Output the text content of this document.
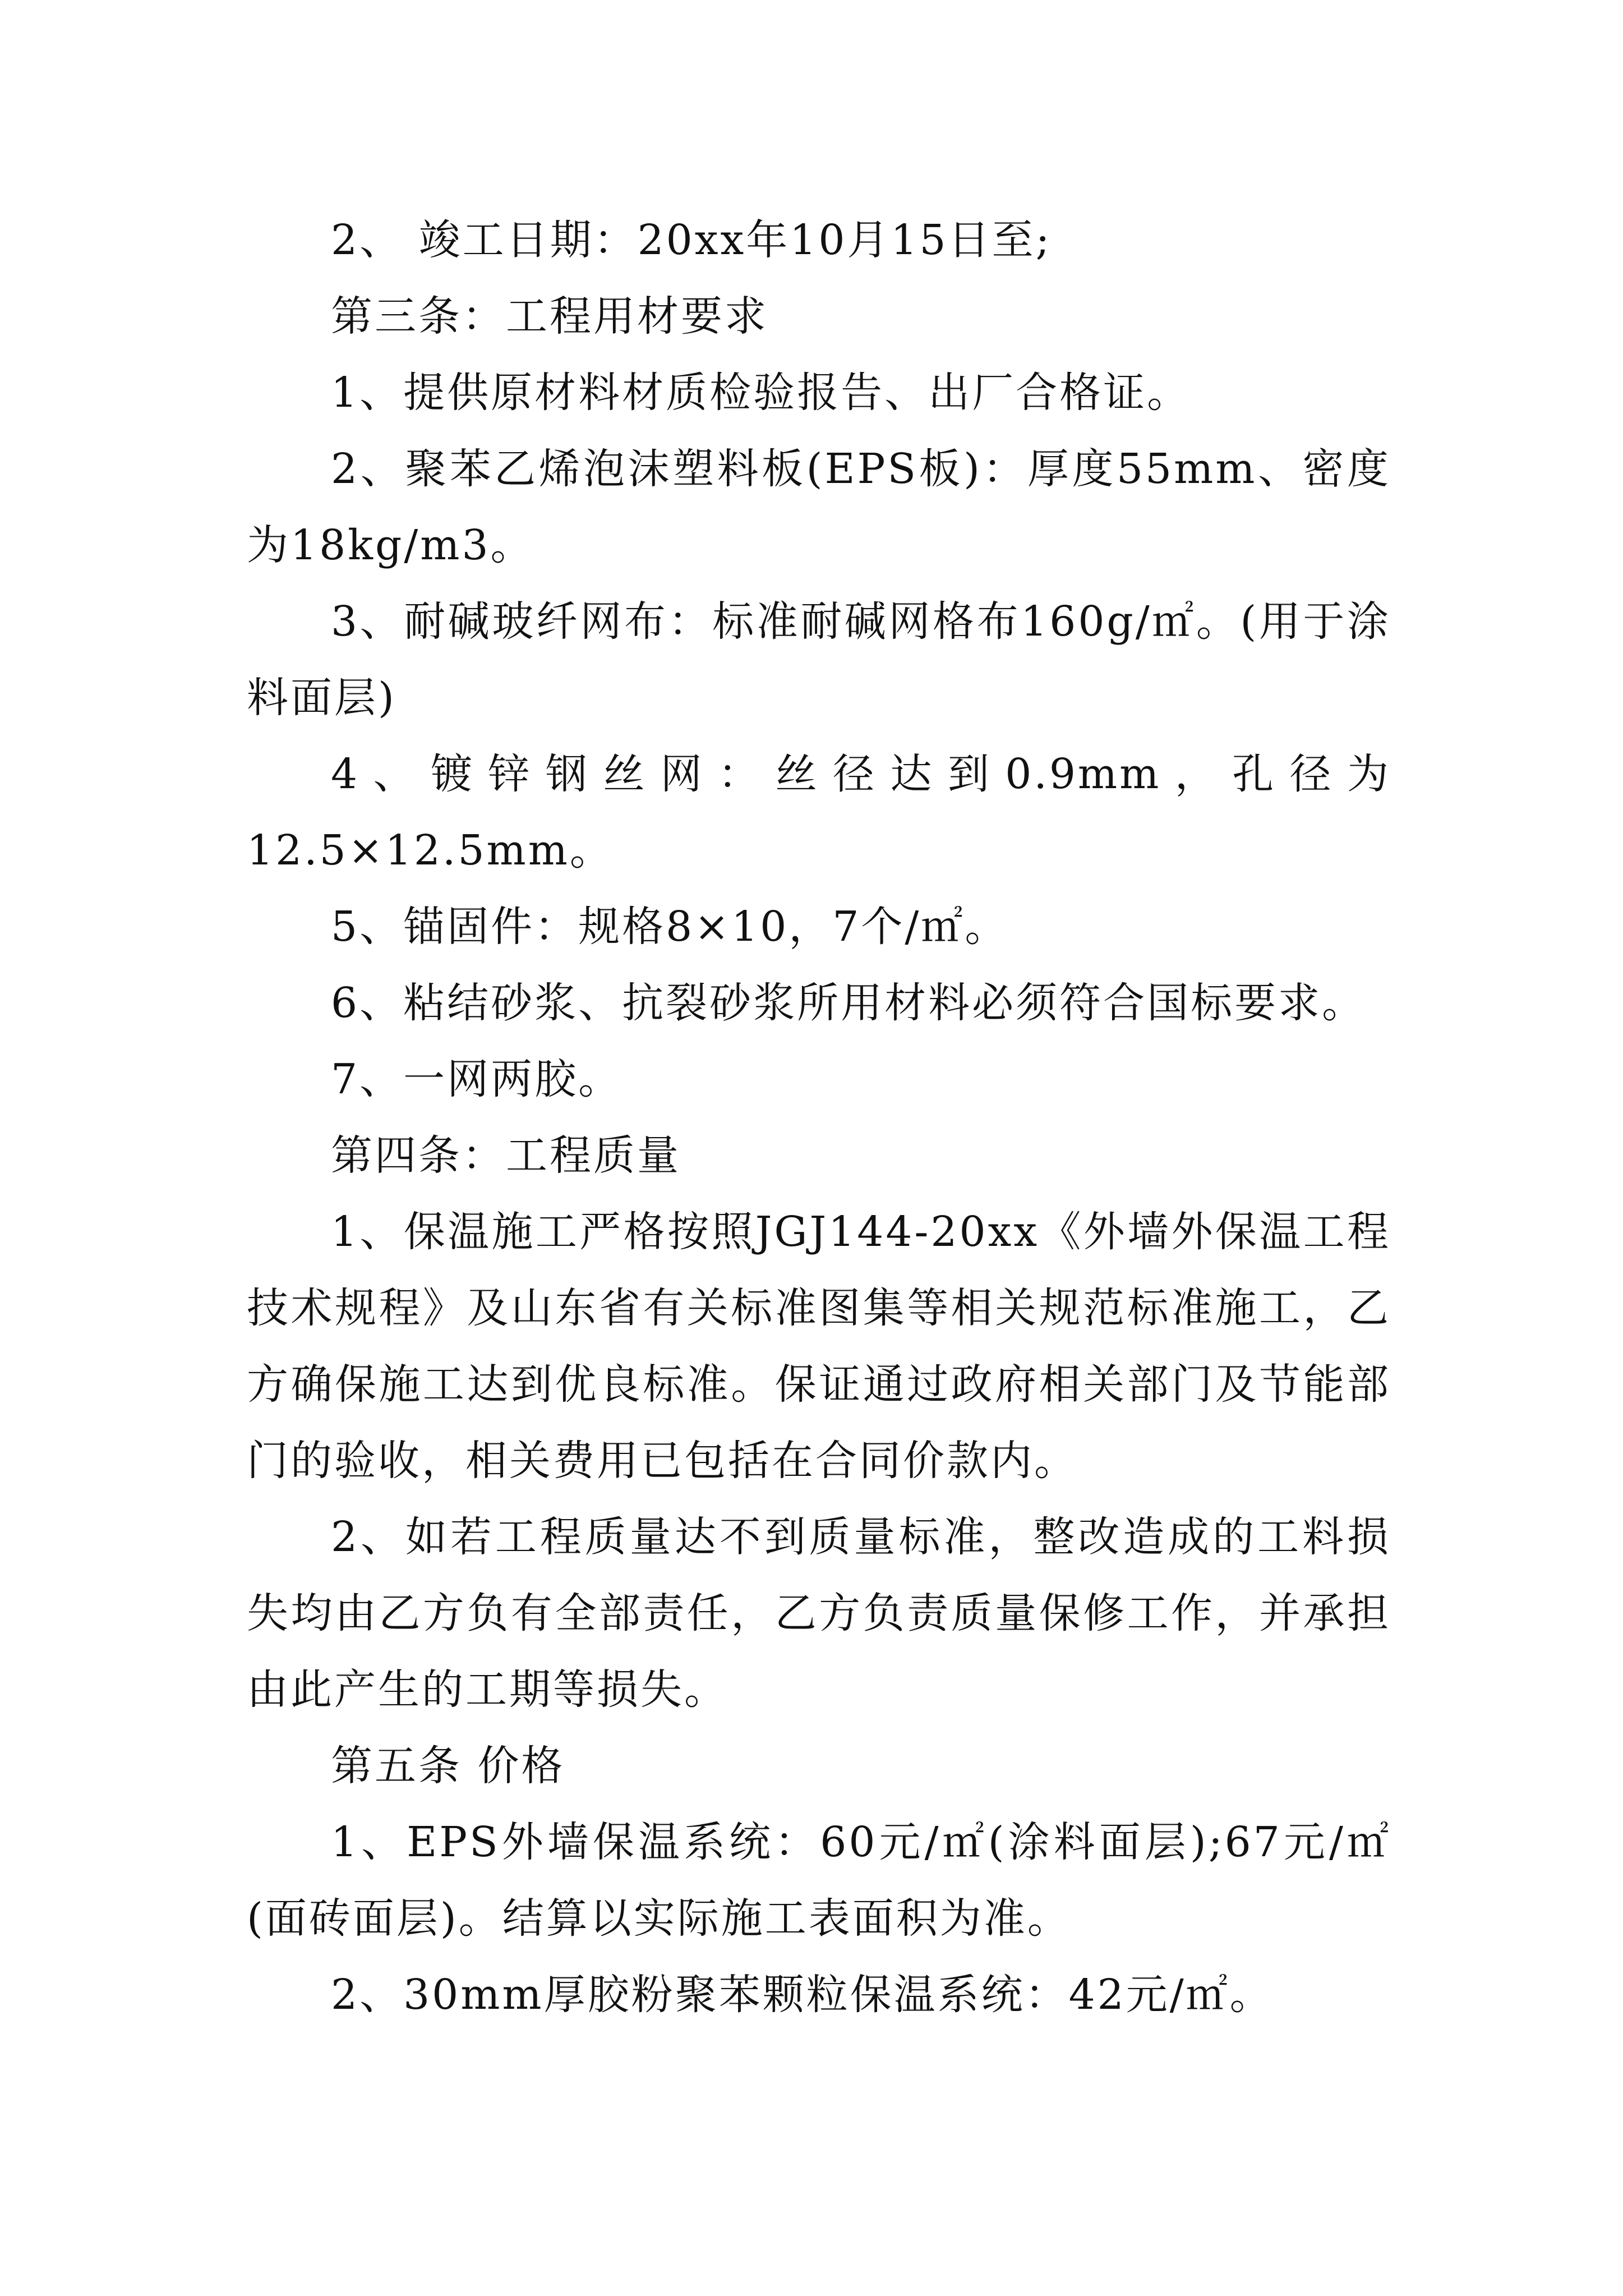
2、 竣工日期：20xx年10月15日至;

第三条：工程用材要求

1、提供原材料材质检验报告、出厂合格证。

2、聚苯乙烯泡沫塑料板(EPS板)：厚度55mm、密度为18kg/m3。

3、耐碱玻纤网布：标准耐碱网格布160g/㎡。(用于涂料面层)

4、镀锌钢丝网：丝径达到0.9mm，孔径为12.5×12.5mm。

5、锚固件：规格8×10，7个/㎡。

6、粘结砂浆、抗裂砂浆所用材料必须符合国标要求。

7、一网两胶。

第四条：工程质量

1、保温施工严格按照JGJ144-20xx《外墙外保温工程技术规程》及山东省有关标准图集等相关规范标准施工，乙方确保施工达到优良标准。保证通过政府相关部门及节能部门的验收，相关费用已包括在合同价款内。

2、如若工程质量达不到质量标准，整改造成的工料损失均由乙方负有全部责任，乙方负责质量保修工作，并承担由此产生的工期等损失。

第五条 价格

1、EPS外墙保温系统：60元/㎡(涂料面层);67元/㎡(面砖面层)。结算以实际施工表面积为准。

2、30mm厚胶粉聚苯颗粒保温系统：42元/㎡。
